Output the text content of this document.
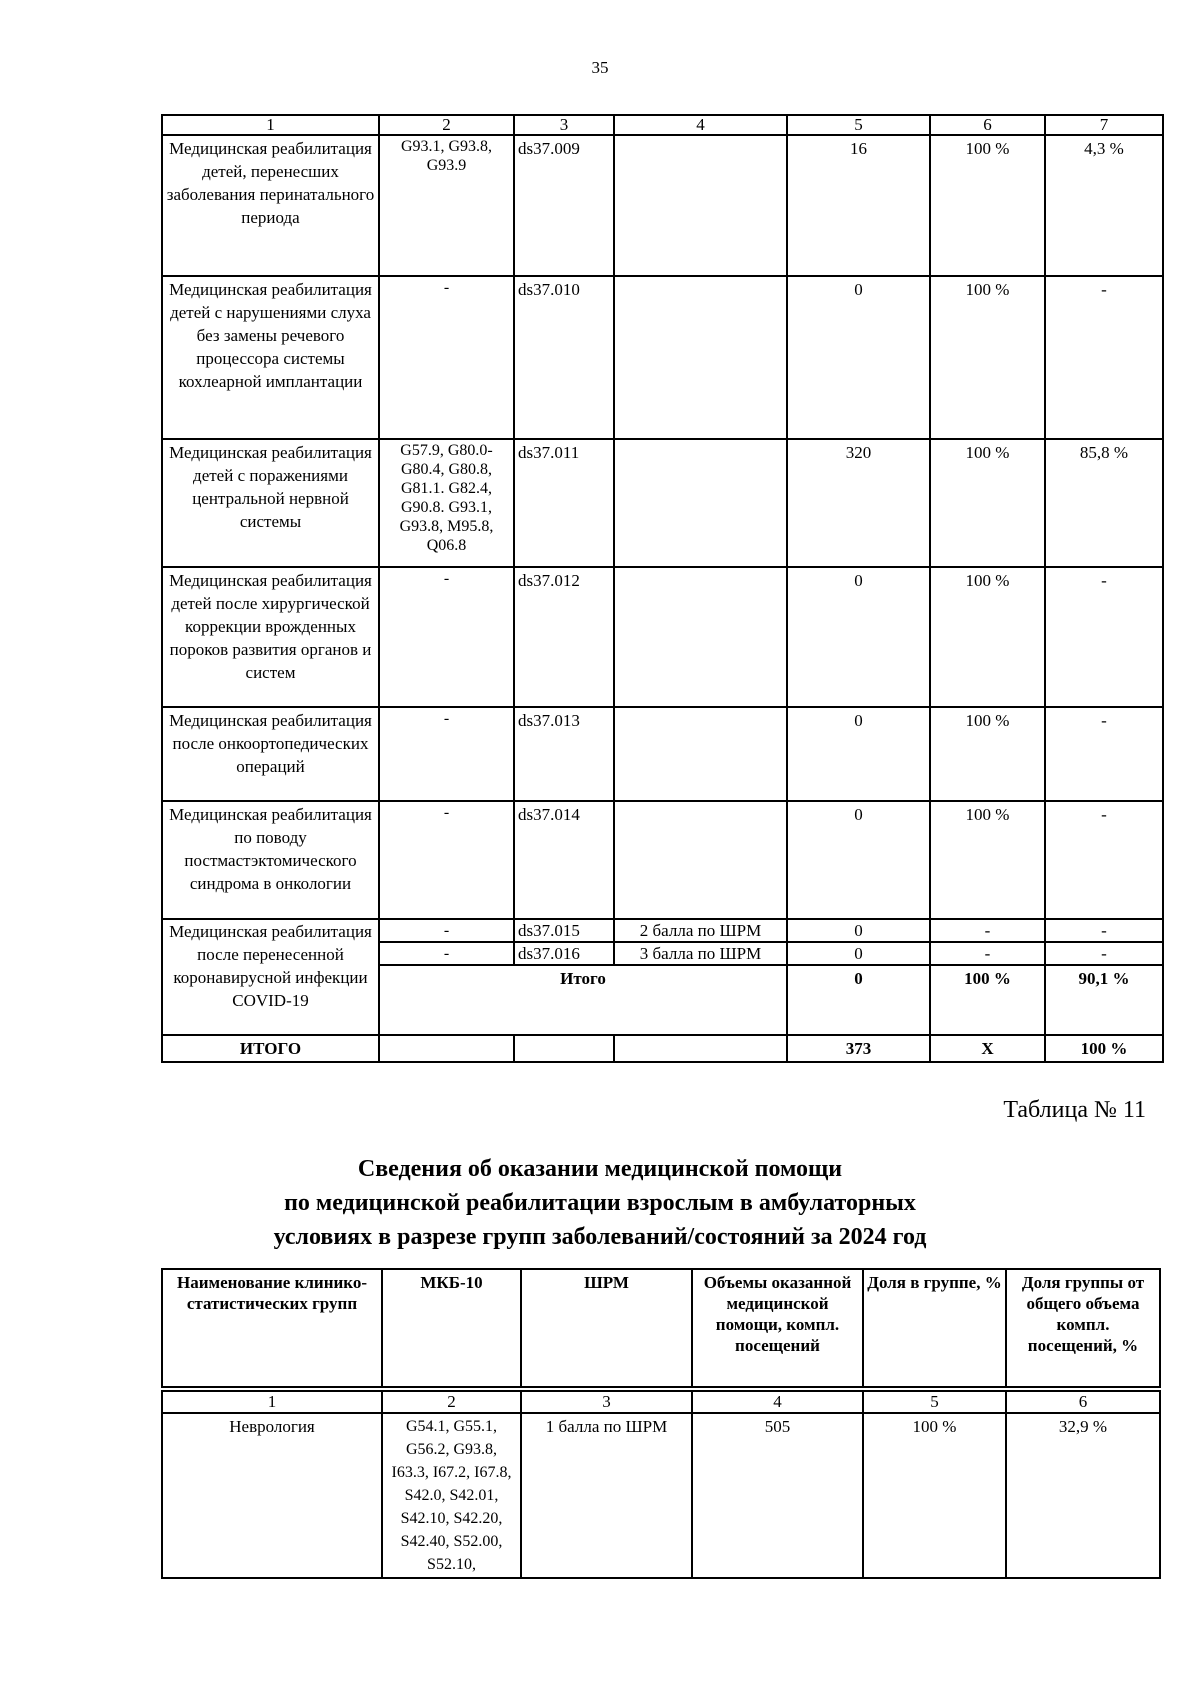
35
1	2	3	4	5	6	7
Медицинская реабилитация детей, перенесших заболевания перинатального периода	G93.1, G93.8, G93.9	ds37.009		16	100 %	4,3 %
Медицинская реабилитация детей с нарушениями слуха без замены речевого процессора системы кохлеарной имплантации	-	ds37.010		0	100 %	-
Медицинская реабилитация детей с поражениями центральной нервной системы	G57.9, G80.0-G80.4, G80.8, G81.1. G82.4, G90.8. G93.1, G93.8, M95.8, Q06.8	ds37.011		320	100 %	85,8 %
Медицинская реабилитация детей после хирургической коррекции врожденных пороков развития органов и систем	-	ds37.012		0	100 %	-
Медицинская реабилитация после онкоортопедических операций	-	ds37.013		0	100 %	-
Медицинская реабилитация по поводу постмастэктомического синдрома в онкологии	-	ds37.014		0	100 %	-
Медицинская реабилитация после перенесенной коронавирусной инфекции COVID-19	-	ds37.015	2 балла по ШРМ	0	-	-
	-	ds37.016	3 балла по ШРМ	0	-	-
	Итого			0	100 %	90,1 %
ИТОГО				373	X	100 %
Таблица № 11
Сведения об оказании медицинской помощи
по медицинской реабилитации взрослым в амбулаторных
условиях в разрезе групп заболеваний/состояний за 2024 год
Наименование клинико-статистических групп	МКБ-10	ШРМ	Объемы оказанной медицинской помощи, компл. посещений	Доля в группе, %	Доля группы от общего объема компл. посещений, %

1	2	3	4	5	6
Неврология	G54.1, G55.1, G56.2, G93.8, I63.3, I67.2, I67.8, S42.0, S42.01, S42.10, S42.20, S42.40, S52.00, S52.10,	1 балла по ШРМ	505	100 %	32,9 %
